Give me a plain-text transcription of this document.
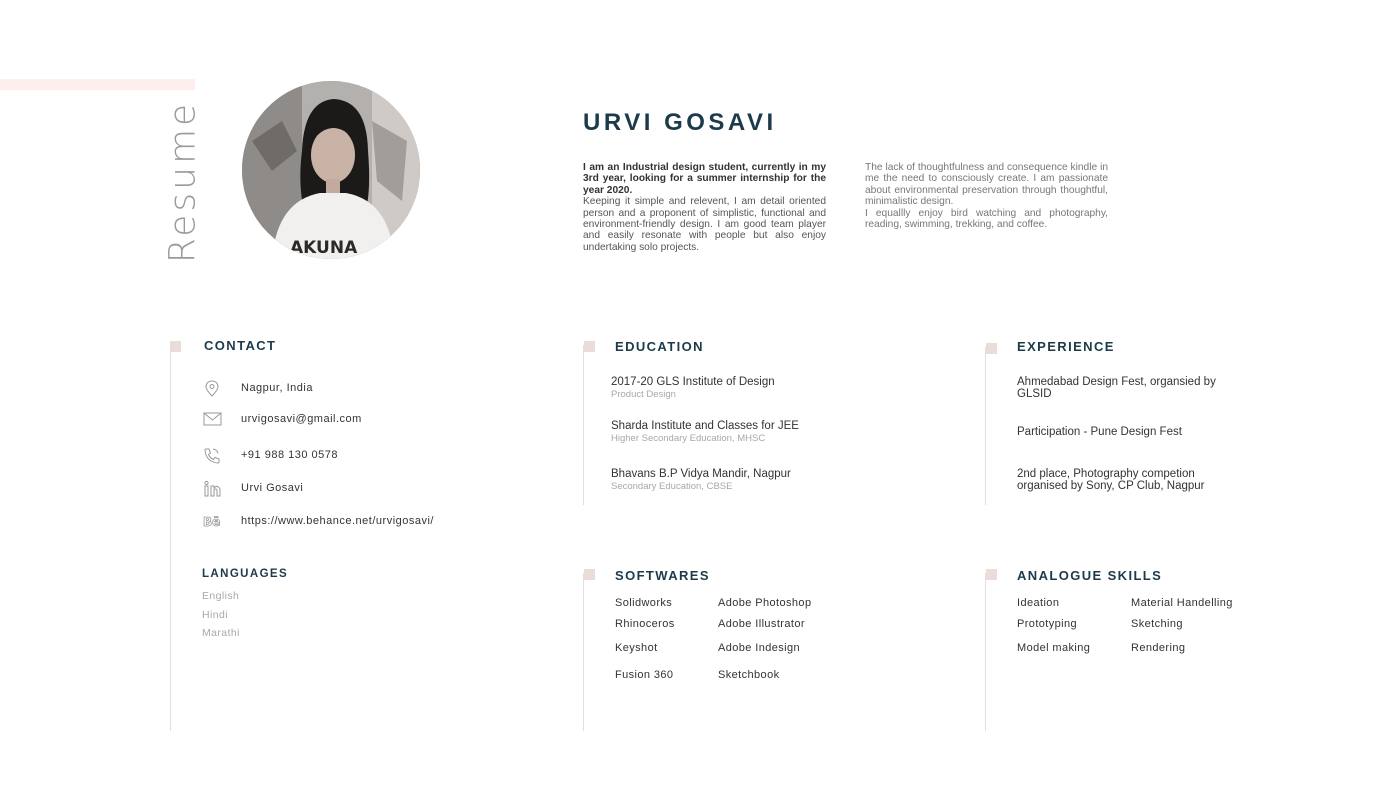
Resume	AKUNA
URVI GOSAVI
I am an Industrial design student, currently in my 3rd year, looking for a summer internship for the year 2020.
Keeping it simple and relevent, I am detail oriented person and a proponent of simplistic, functional and environment-friendly design. I am good team player and easily resonate with people but also enjoy undertaking solo projects.
The lack of thoughtfulness and consequence kindle in me the need to consciously create. I am passionate about environmental preservation through thoughtful, minimalistic design.
I equallly enjoy bird watching and photography, reading, swimming, trekking, and coffee.
CONTACT
Nagpur, India
urvigosavi@gmail.com
+91 988 130 0578
Urvi Gosavi
Bē https://www.behance.net/urvigosavi/
LANGUAGES
English
Hindi
Marathi
EDUCATION
2017-20 GLS Institute of Design
Product Design
Sharda Institute and Classes for JEE
Higher Secondary Education, MHSC
Bhavans B.P Vidya Mandir, Nagpur
Secondary Education, CBSE
EXPERIENCE
Ahmedabad Design Fest, organsied by GLSID
Participation - Pune Design Fest
2nd place, Photography competion organised by Sony, CP Club, Nagpur
SOFTWARES
Solidworks
Rhinoceros
Keyshot
Fusion 360
Adobe Photoshop
Adobe Illustrator
Adobe Indesign
Sketchbook
ANALOGUE SKILLS
Ideation
Prototyping
Model making
Material Handelling
Sketching
Rendering
